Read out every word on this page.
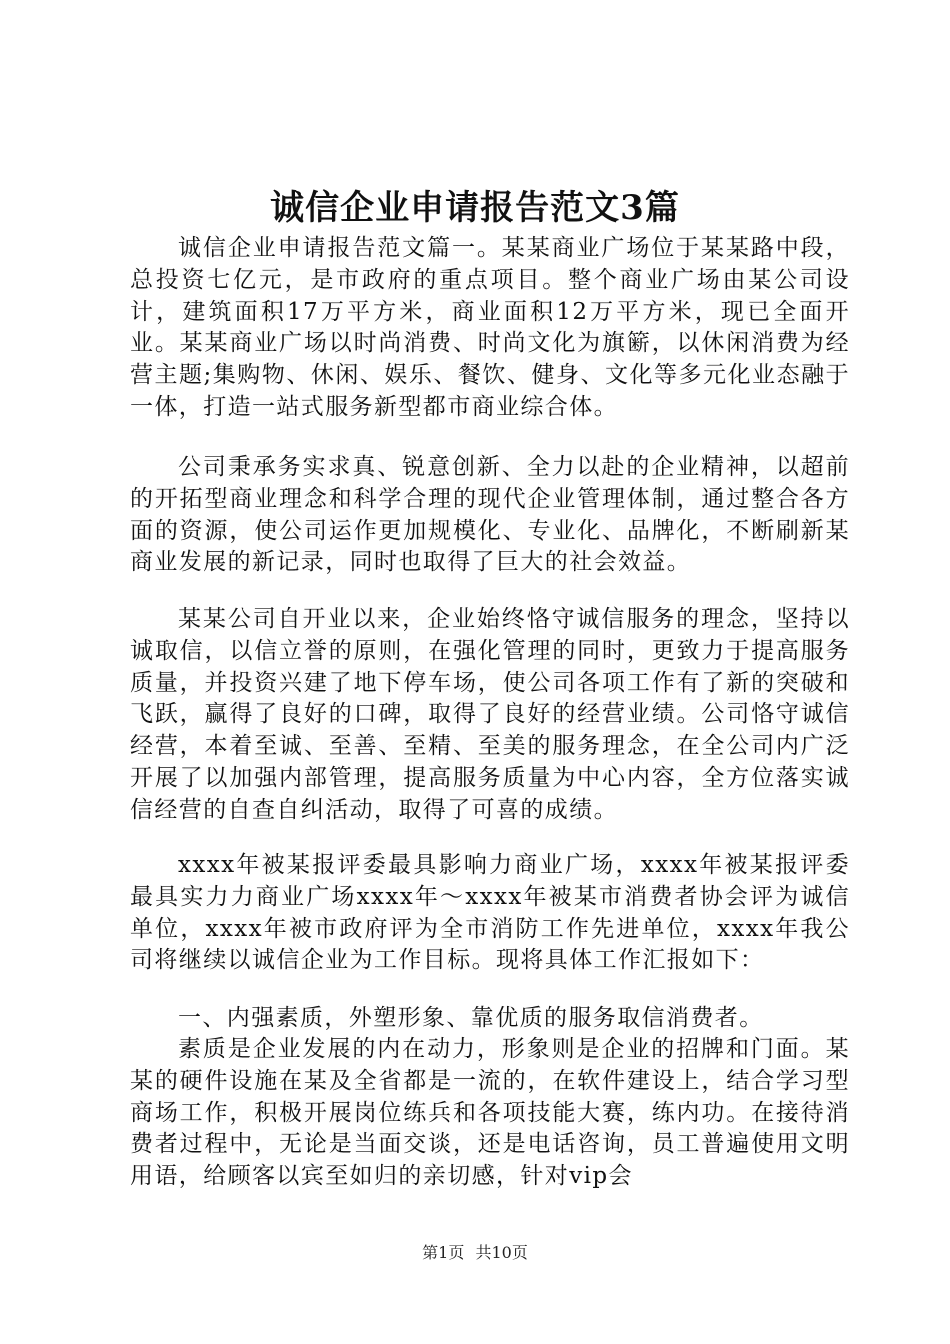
诚信企业申请报告范文3篇

诚信企业申请报告范文篇一。某某商业广场位于某某路中段，总投资七亿元，是市政府的重点项目。整个商业广场由某公司设计，建筑面积17万平方米，商业面积12万平方米，现已全面开业。某某商业广场以时尚消费、时尚文化为旗簖，以休闲消费为经营主题;集购物、休闲、娱乐、餐饮、健身、文化等多元化业态融于一体，打造一站式服务新型都市商业综合体。

公司秉承务实求真、锐意创新、全力以赴的企业精神，以超前的开拓型商业理念和科学合理的现代企业管理体制，通过整合各方面的资源，使公司运作更加规模化、专业化、品牌化，不断刷新某商业发展的新记录，同时也取得了巨大的社会效益。

某某公司自开业以来，企业始终恪守诚信服务的理念，坚持以诚取信，以信立誉的原则，在强化管理的同时，更致力于提高服务质量，并投资兴建了地下停车场，使公司各项工作有了新的突破和飞跃，赢得了良好的口碑，取得了良好的经营业绩。公司恪守诚信经营，本着至诚、至善、至精、至美的服务理念，在全公司内广泛开展了以加强内部管理，提高服务质量为中心内容，全方位落实诚信经营的自查自纠活动，取得了可喜的成绩。

xxxx年被某报评委最具影响力商业广场，xxxx年被某报评委最具实力力商业广场xxxx年～xxxx年被某市消费者协会评为诚信单位，xxxx年被市政府评为全市消防工作先进单位，xxxx年我公司将继续以诚信企业为工作目标。现将具体工作汇报如下：

一、内强素质，外塑形象、靠优质的服务取信消费者。

素质是企业发展的内在动力，形象则是企业的招牌和门面。某某的硬件设施在某及全省都是一流的，在软件建设上，结合学习型商场工作，积极开展岗位练兵和各项技能大赛，练内功。在接待消费者过程中，无论是当面交谈，还是电话咨询，员工普遍使用文明用语，给顾客以宾至如归的亲切感，针对vip会

第1页 共10页
